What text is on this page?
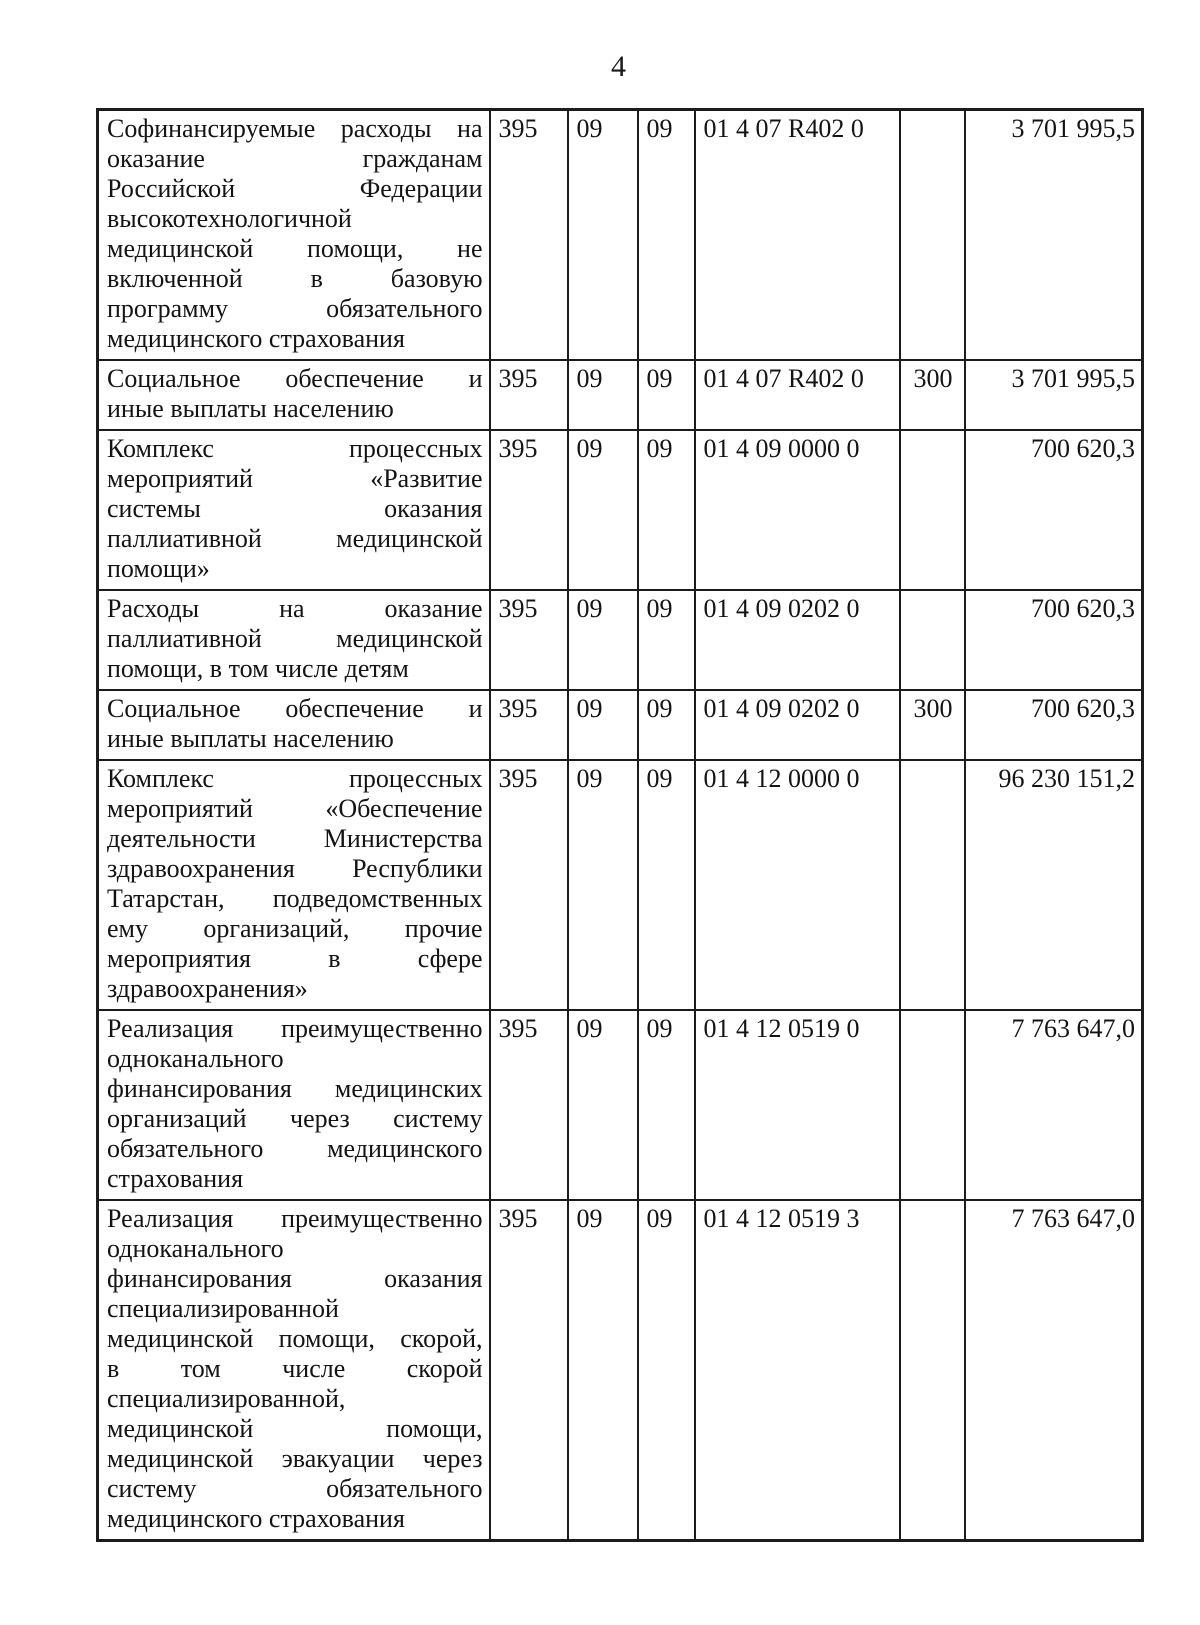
4
Софинансируемые расходы на
оказание гражданам
Российской Федерации
высокотехнологичной
медицинской помощи, не
включенной в базовую
программу обязательного
медицинского страхования
	395	09	09	01 4 07 R402 0		3 701 995,5

Социальное обеспечение и
иные выплаты населению	395	09	09	01 4 07 R402 0	300	3 701 995,5

Комплекс процессных
мероприятий «Развитие
системы оказания
паллиативной медицинской
помощи»	395	09	09	01 4 09 0000 0		700 620,3

Расходы на оказание
паллиативной медицинской
помощи, в том числе детям	395	09	09	01 4 09 0202 0		700 620,3

Социальное обеспечение и
иные выплаты населению	395	09	09	01 4 09 0202 0	300	700 620,3

Комплекс процессных
мероприятий «Обеспечение
деятельности Министерства
здравоохранения Республики
Татарстан, подведомственных
ему организаций, прочие
мероприятия в сфере
здравоохранения»
	395	09	09	01 4 12 0000 0		96 230 151,2

Реализация преимущественно
одноканального
финансирования медицинских
организаций через систему
обязательного медицинского
страхования
	395	09	09	01 4 12 0519 0		7 763 647,0

Реализация преимущественно
одноканального
финансирования оказания
специализированной
медицинской помощи, скорой,
в том числе скорой
специализированной,
медицинской помощи,
медицинской эвакуации через
систему обязательного
медицинского страхования
	395	09	09	01 4 12 0519 3		7 763 647,0
